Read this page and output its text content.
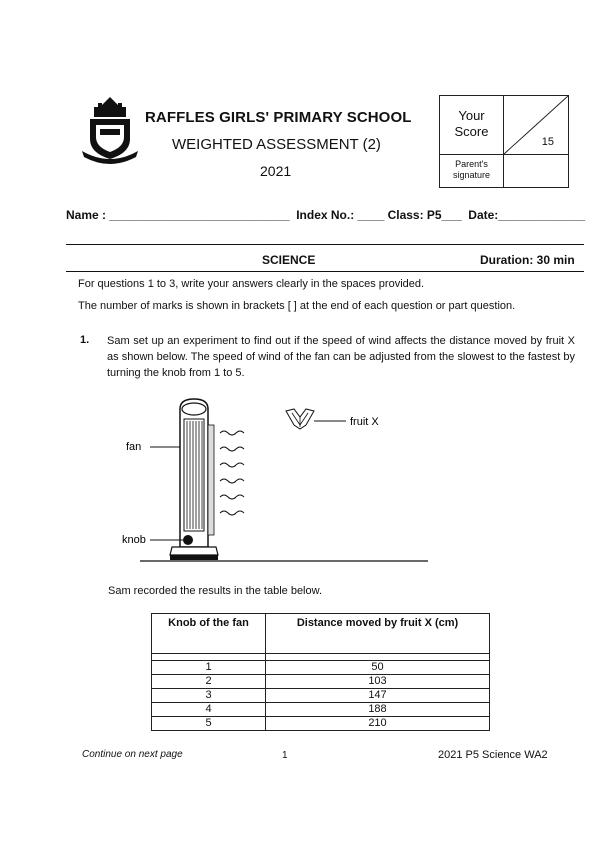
RAFFLES GIRLS' PRIMARY SCHOOL
WEIGHTED ASSESSMENT (2)
2021
Your
Score
15
Parent's
signature
Name : ___________________________  Index No.: ____ Class: P5___  Date:_____________
SCIENCE	Duration: 30 min
For questions 1 to 3, write your answers clearly in the spaces provided.
The number of marks is shown in brackets [ ] at the end of each question or part question.
1. Sam set up an experiment to find out if the speed of wind affects the distance moved by fruit X as shown below. The speed of wind of the fan can be adjusted from the slowest to the fastest by turning the knob from 1 to 5.
fan
knob
fruit X
Sam recorded the results in the table below.
Knob of the fan	Distance moved by fruit X (cm)

1	50
2	103
3	147
4	188
5	210
Continue on next page	1	2021 P5 Science WA2
